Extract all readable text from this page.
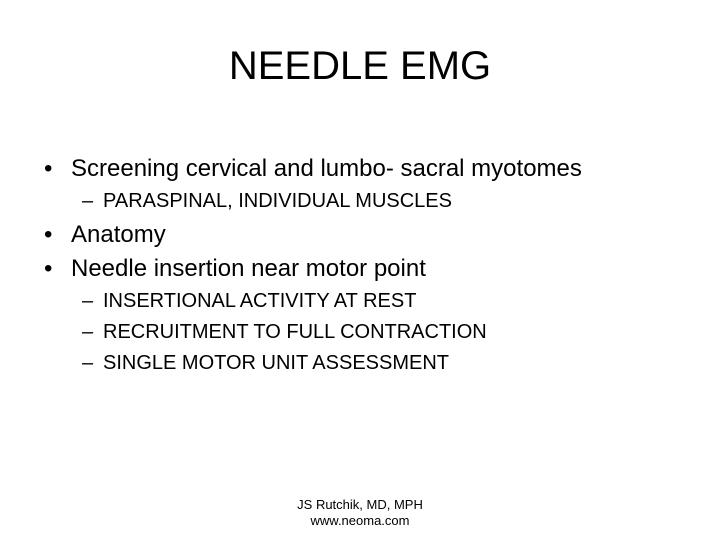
NEEDLE EMG
• Screening cervical and lumbo- sacral myotomes
– PARASPINAL, INDIVIDUAL MUSCLES
• Anatomy
• Needle insertion near motor point
– INSERTIONAL ACTIVITY AT REST
– RECRUITMENT TO FULL CONTRACTION
– SINGLE MOTOR UNIT ASSESSMENT
JS Rutchik, MD, MPH
www.neoma.com
